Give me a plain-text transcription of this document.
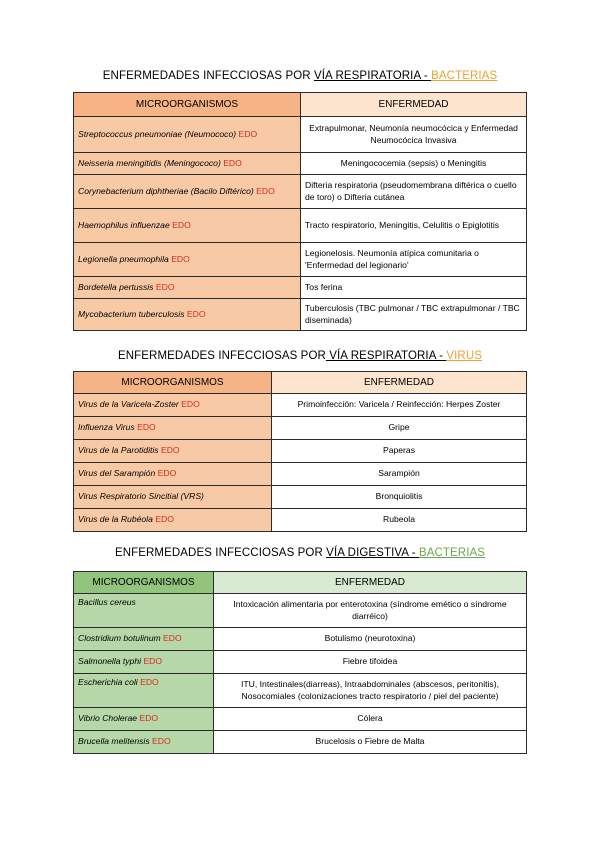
ENFERMEDADES INFECCIOSAS POR VÍA RESPIRATORIA - BACTERIAS
MICROORGANISMOS	ENFERMEDAD
Streptococcus pneumoniae (Neumococo) EDO	Extrapulmonar, Neumonía neumocócica y Enfermedad Neumocócica Invasiva
Neisseria meningitidis (Meningococo) EDO	Meningococemia (sepsis) o Meningitis
Corynebacterium diphtheriae (Bacilo Diftérico) EDO	Difteria respiratoria (pseudomembrana diftérica o cuello de toro) o Difteria cutánea
Haemophilus influenzae EDO	Tracto respiratorio, Meningitis, Celulitis o Epiglotitis
Legionella pneumophila EDO	Legionelosis. Neumonía atípica comunitaria o 'Enfermedad del legionario'
Bordetella pertussis EDO	Tos ferina
Mycobacterium tuberculosis EDO	Tuberculosis (TBC pulmonar / TBC extrapulmonar / TBC diseminada)
ENFERMEDADES INFECCIOSAS POR VÍA RESPIRATORIA - VIRUS
MICROORGANISMOS	ENFERMEDAD
Virus de la Varicela-Zoster EDO	Primoinfección: Varicela / Reinfección: Herpes Zoster
Influenza Virus EDO	Gripe
Virus de la Parotiditis EDO	Paperas
Virus del Sarampión EDO	Sarampión
Virus Respiratorio Sincitial (VRS)	Bronquiolitis
Virus de la Rubéola EDO	Rubeola
ENFERMEDADES INFECCIOSAS POR VÍA DIGESTIVA - BACTERIAS
MICROORGANISMOS	ENFERMEDAD
Bacillus cereus	Intoxicación alimentaria por enterotoxina (síndrome emético o síndrome diarréico)
Clostridium botulinum EDO	Botulismo (neurotoxina)
Salmonella typhi EDO	Fiebre tifoidea
Escherichia coli EDO	ITU, Intestinales(diarreas), Intraabdominales (abscesos, peritonitis), Nosocomiales (colonizaciones tracto respiratorio / piel del paciente)
Vibrio Cholerae EDO	Cólera
Brucella melitensis EDO	Brucelosis o Fiebre de Malta
